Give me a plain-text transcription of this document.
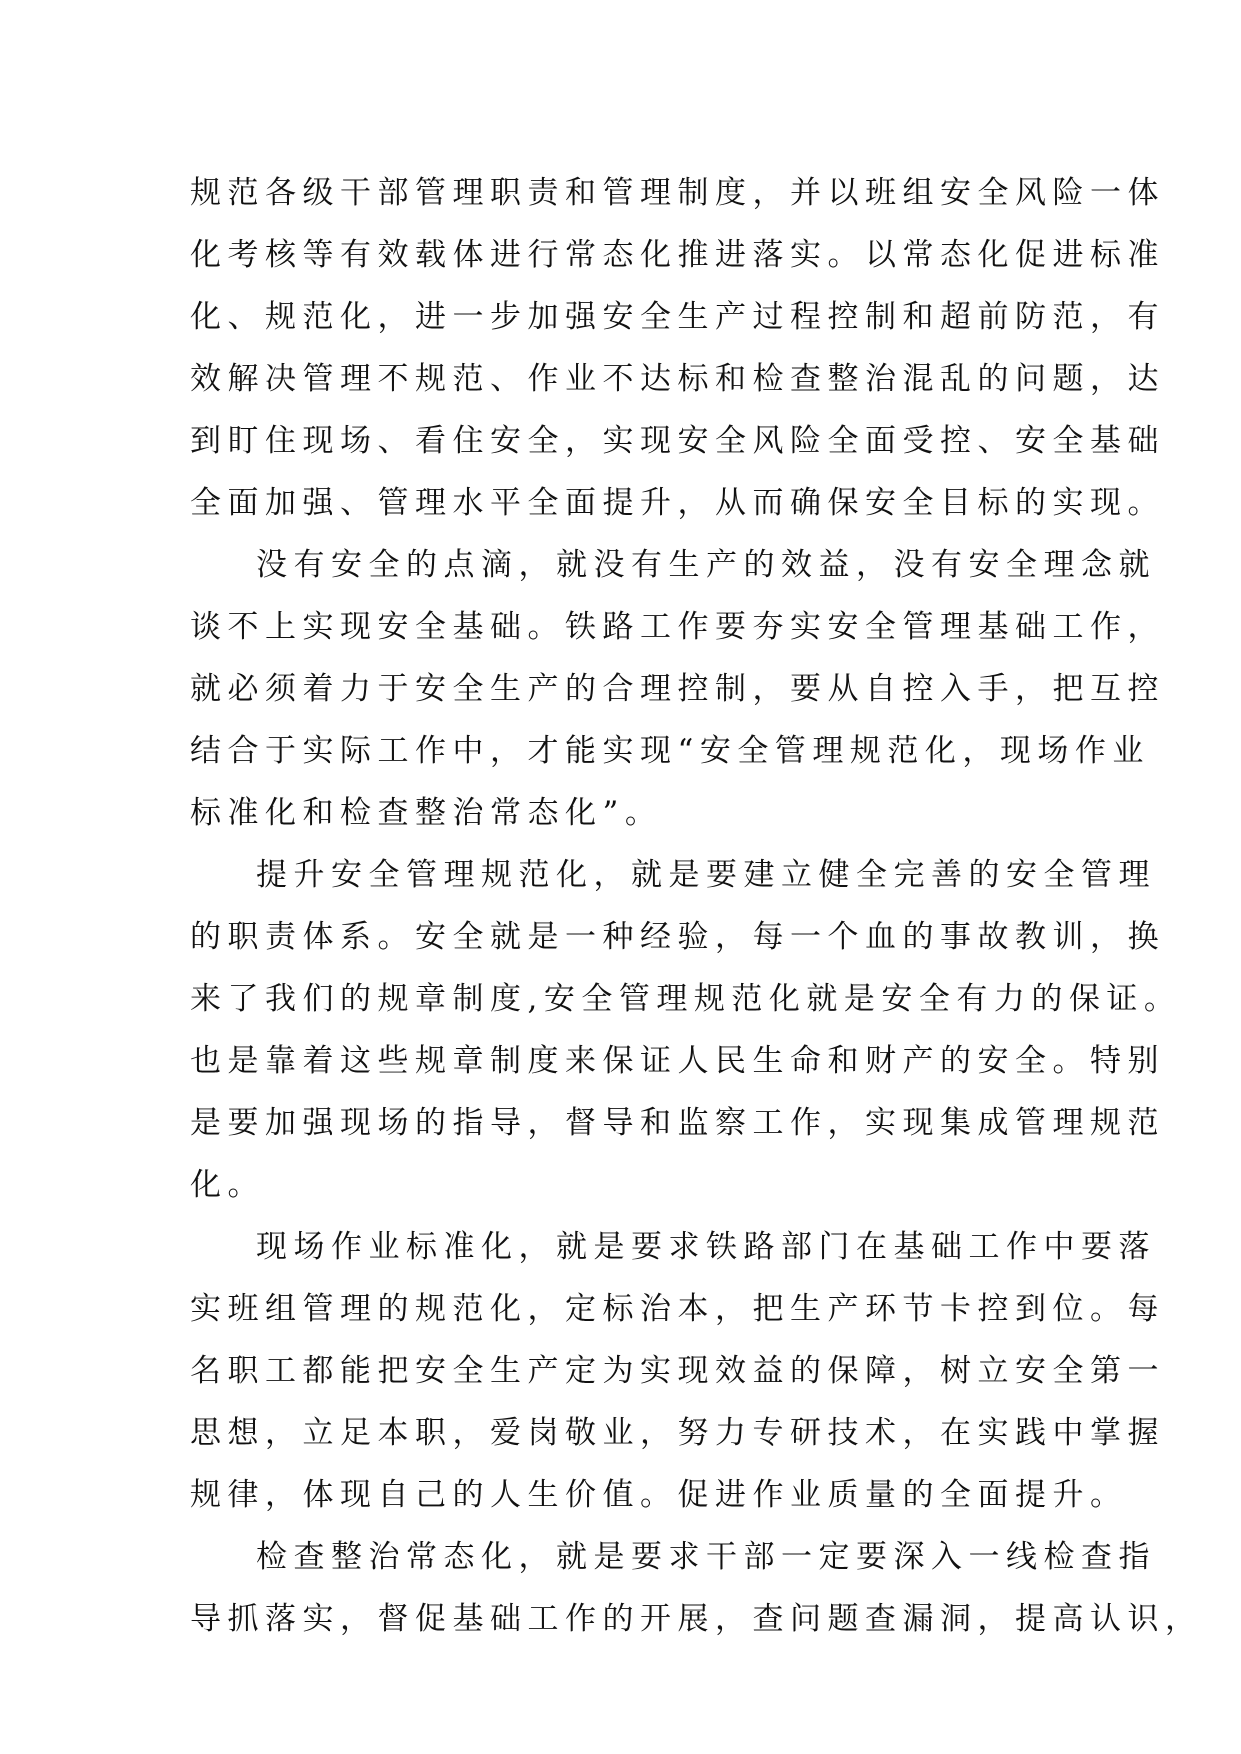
规范各级干部管理职责和管理制度，并以班组安全风险一体
化考核等有效载体进行常态化推进落实。以常态化促进标准
化、规范化，进一步加强安全生产过程控制和超前防范，有
效解决管理不规范、作业不达标和检查整治混乱的问题，达
到盯住现场、看住安全，实现安全风险全面受控、安全基础
全面加强、管理水平全面提升，从而确保安全目标的实现。
没有安全的点滴，就没有生产的效益，没有安全理念就
谈不上实现安全基础。铁路工作要夯实安全管理基础工作，
就必须着力于安全生产的合理控制，要从自控入手，把互控
结合于实际工作中，才能实现“安全管理规范化，现场作业
标准化和检查整治常态化”。
提升安全管理规范化，就是要建立健全完善的安全管理
的职责体系。安全就是一种经验，每一个血的事故教训，换
来了我们的规章制度,安全管理规范化就是安全有力的保证。
也是靠着这些规章制度来保证人民生命和财产的安全。特别
是要加强现场的指导，督导和监察工作，实现集成管理规范
化。
现场作业标准化，就是要求铁路部门在基础工作中要落
实班组管理的规范化，定标治本，把生产环节卡控到位。每
名职工都能把安全生产定为实现效益的保障，树立安全第一
思想，立足本职，爱岗敬业，努力专研技术，在实践中掌握
规律，体现自己的人生价值。促进作业质量的全面提升。
检查整治常态化，就是要求干部一定要深入一线检查指
导抓落实，督促基础工作的开展，查问题查漏洞，提高认识，
